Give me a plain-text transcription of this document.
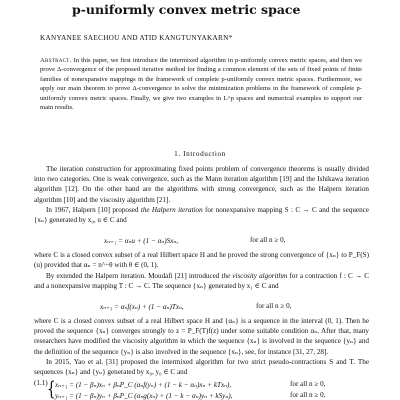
p-uniformly convex metric space
KANYANEE SAECHOU AND ATID KANGTUNYAKARN*
Abstract. In this paper, we first introduce the intermixed algorithm in p-uniformly convex metric spaces, and then we prove Δ-convergence of the proposed iterative method for finding a common element of the sets of fixed points of finite families of nonexpansive mappings in the framework of complete p-uniformly convex metric spaces. Furthermore, we apply our main theorem to prove Δ-convergence to solve the minimization problems in the framework of complete p-uniformly convex metric spaces. Finally, we give two examples in L^p spaces and numerical examples to support our main results.
1. Introduction
The iteration construction for approximating fixed points problem of convergence theorems is usually divided into two categories. One is weak convergence, such as the Mann iteration algorithm [19] and the Ishikawa iteration algorithm [12]. On the other hand are the algorithms with strong convergence, such as the Halpern iteration algorithm [10] and the viscosity algorithm [21].
In 1967, Halpern [10] proposed the Halpern iteration for nonexpansive mapping S : C → C and the sequence {xₙ} generated by x₀, u ∈ C and
xₙ₊₁ = αₙu + (1 − αₙ)Sxₙ,	for all n ≥ 0,
where C is a closed convex subset of a real Hilbert space H and he proved the strong convergence of {xₙ} to P_F(S)(u) provided that αₙ = n^−θ with θ ∈ (0, 1).
By extended the Halpern iteration. Moudafi [21] introduced the viscosity algorithm for a contraction f : C → C and a nonexpansive mapping T : C → C. The sequence {xₙ} generated by x₁ ∈ C and
xₙ₊₁ = αₙf(xₙ) + (1 − αₙ)Txₙ,	for all n ≥ 0,
where C is a closed convex subset of a real Hilbert space H and {αₙ} is a sequence in the interval (0, 1). Then he proved the sequence {xₙ} converges strongly to z = P_F(T)f(z) under some suitable condition αₙ. After that, many researchers have modified the viscosity algorithm in which the sequence {xₙ} is involved in the sequence {yₙ} and the definition of the sequence {yₙ} is also involved in the sequence {xₙ}, see, for instance [31, 27, 28].
In 2015, Yao et al. [31] proposed the intermixed algorithm for two strict pseudo-contractions S and T. The sequences {xₙ} and {yₙ} generated by x₀, y₀ ∈ C and
(1.1) { xₙ₊₁ = (1 − βₙ)xₙ + βₙP_C (αₙf(yₙ) + (1 − k − αₙ)xₙ + kTxₙ),	for all n ≥ 0,
yₙ₊₁ = (1 − βₙ)yₙ + βₙP_C (αₙg(xₙ) + (1 − k − αₙ)yₙ + kSyₙ),	for all n ≥ 0,
